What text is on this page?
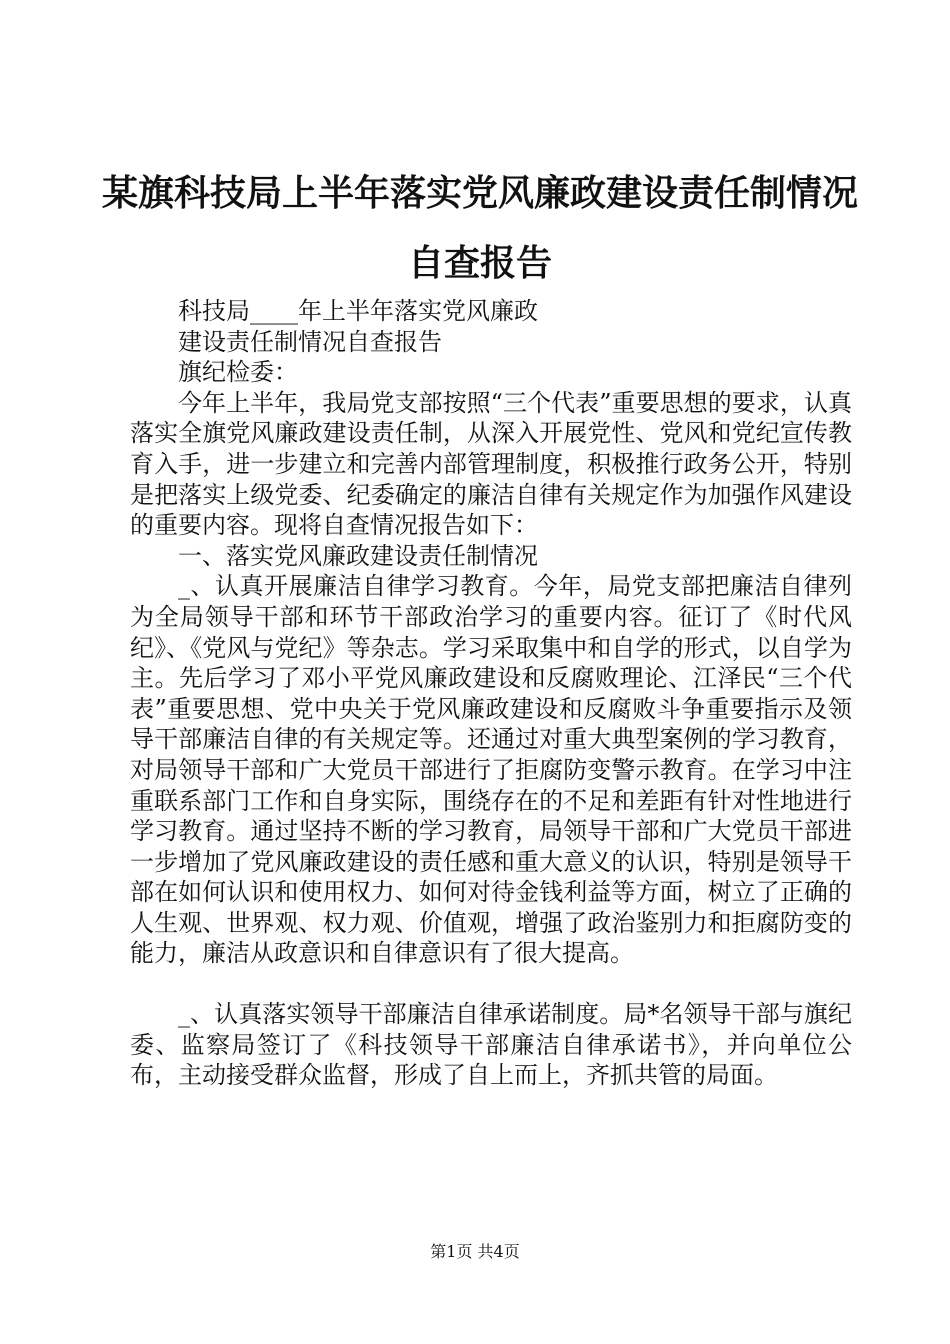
某旗科技局上半年落实党风廉政建设责任制情况自查报告

科技局____年上半年落实党风廉政

建设责任制情况自查报告

旗纪检委：

今年上半年，我局党支部按照“三个代表”重要思想的要求，认真落实全旗党风廉政建设责任制，从深入开展党性、党风和党纪宣传教育入手，进一步建立和完善内部管理制度，积极推行政务公开，特别是把落实上级党委、纪委确定的廉洁自律有关规定作为加强作风建设的重要内容。现将自查情况报告如下：

一、落实党风廉政建设责任制情况

_、认真开展廉洁自律学习教育。今年，局党支部把廉洁自律列为全局领导干部和环节干部政治学习的重要内容。征订了《时代风纪》、《党风与党纪》等杂志。学习采取集中和自学的形式，以自学为主。先后学习了邓小平党风廉政建设和反腐败理论、江泽民“三个代表”重要思想、党中央关于党风廉政建设和反腐败斗争重要指示及领导干部廉洁自律的有关规定等。还通过对重大典型案例的学习教育，对局领导干部和广大党员干部进行了拒腐防变警示教育。在学习中注重联系部门工作和自身实际，围绕存在的不足和差距有针对性地进行学习教育。通过坚持不断的学习教育，局领导干部和广大党员干部进一步增加了党风廉政建设的责任感和重大意义的认识，特别是领导干部在如何认识和使用权力、如何对待金钱利益等方面，树立了正确的人生观、世界观、权力观、价值观，增强了政治鉴别力和拒腐防变的能力，廉洁从政意识和自律意识有了很大提高。

_、认真落实领导干部廉洁自律承诺制度。局*名领导干部与旗纪委、监察局签订了《科技领导干部廉洁自律承诺书》，并向单位公布，主动接受群众监督，形成了自上而上，齐抓共管的局面。

第1页 共4页
